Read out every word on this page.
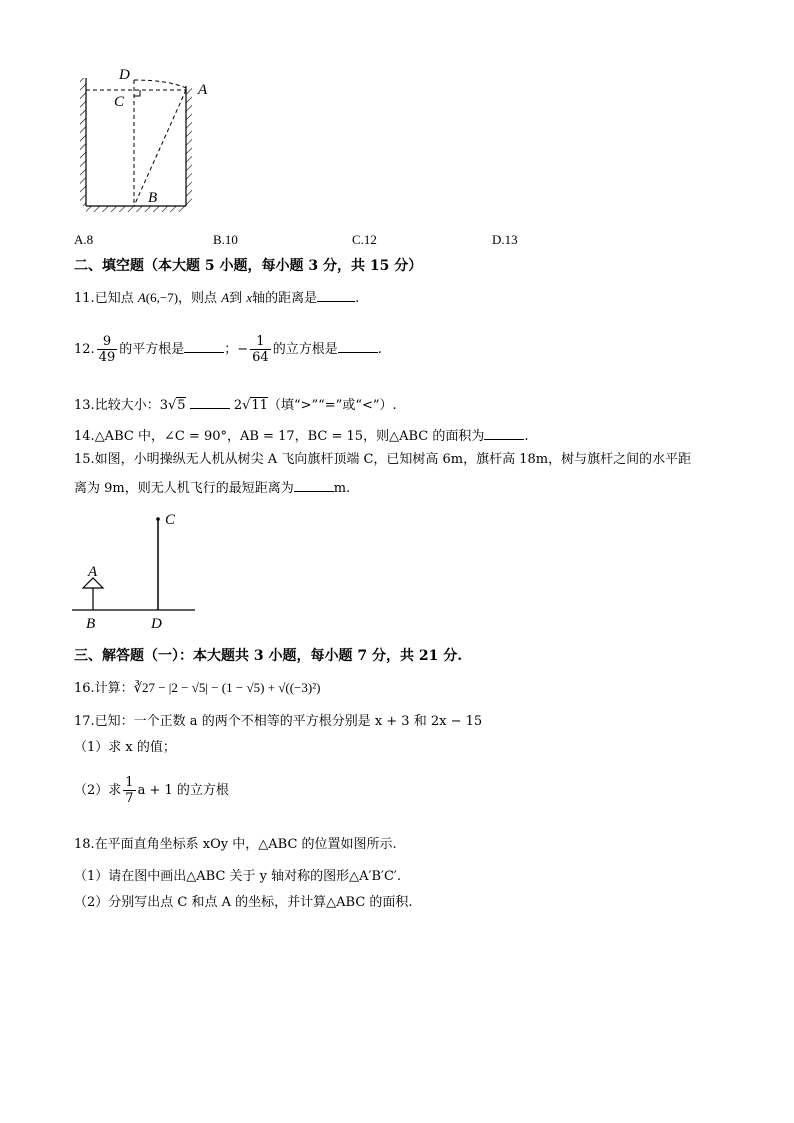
D
C
A
B
A.8	B.10	C.12	D.13
二、填空题（本大题 5 小题，每小题 3 分，共 15 分）
11.已知点 A(6,−7)，则点 A到 x轴的距离是	.
12. $\frac{9}{49}$ 的平方根是	；− $\frac{1}{64}$ 的立方根是	.
13.比较大小：3√5	2√11（填“>”“=”或“<”）.
14.△ABC 中，∠C = 90°，AB = 17，BC = 15，则△ABC 的面积为	.
15.如图，小明操纵无人机从树尖 A 飞向旗杆顶端 C，已知树高 6m，旗杆高 18m，树与旗杆之间的水平距
离为 9m，则无人机飞行的最短距离为	m.
A
B
C
D
三、解答题（一）：本大题共 3 小题，每小题 7 分，共 21 分.
16.计算：∛27 − |2 − √5| − (1 − √5) + √((−3)²)
17.已知：一个正数 a 的两个不相等的平方根分别是 x + 3 和 2x − 15
（1）求 x 的值；
（2）求 $\frac{1}{7}$ a + 1 的立方根
18.在平面直角坐标系 xOy 中，△ABC 的位置如图所示.
（1）请在图中画出△ABC 关于 y 轴对称的图形△A′B′C′.
（2）分别写出点 C 和点 A 的坐标，并计算△ABC 的面积.
